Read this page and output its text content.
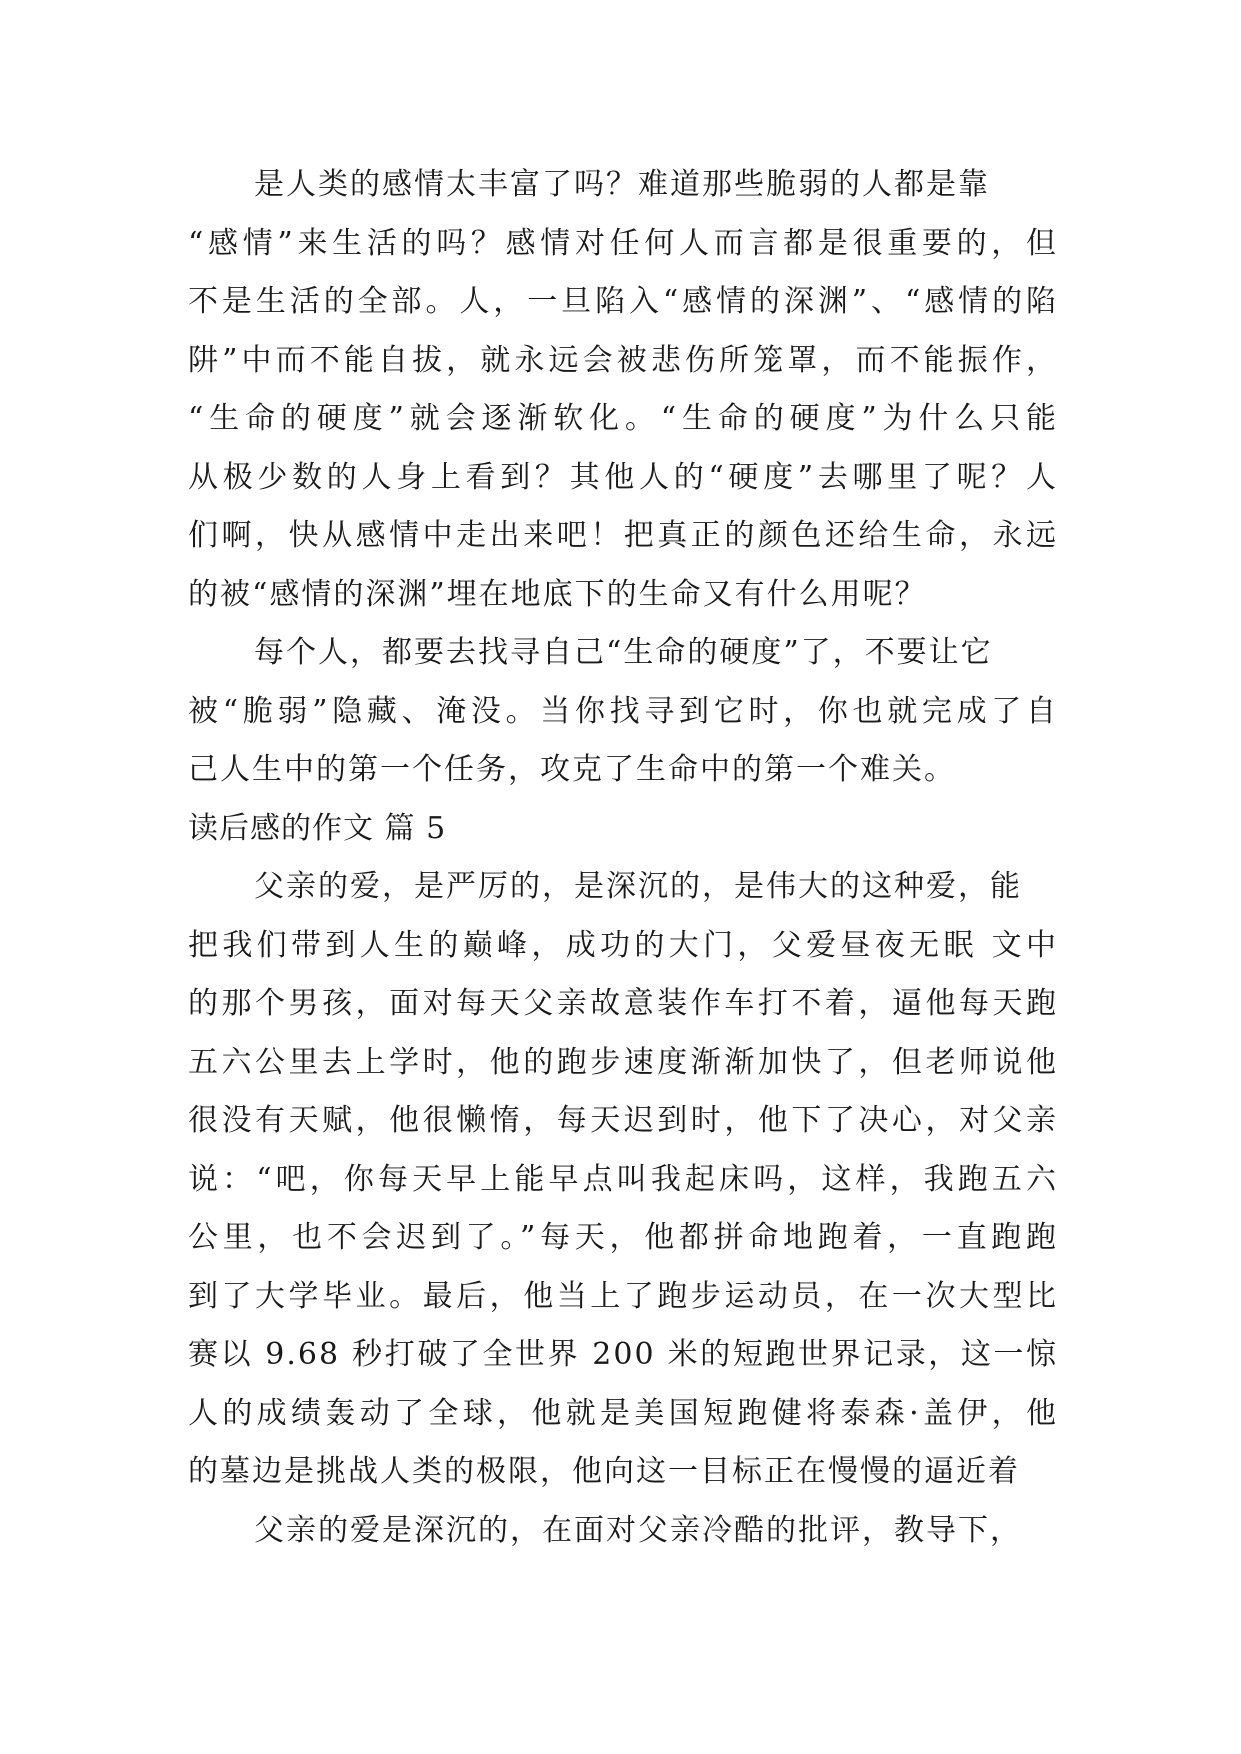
是人类的感情太丰富了吗？难道那些脆弱的人都是靠
“感情”来生活的吗？感情对任何人而言都是很重要的，但
不是生活的全部。人，一旦陷入“感情的深渊”、“感情的陷
阱”中而不能自拔，就永远会被悲伤所笼罩，而不能振作，
“生命的硬度”就会逐渐软化。“生命的硬度”为什么只能
从极少数的人身上看到？其他人的“硬度”去哪里了呢？人
们啊，快从感情中走出来吧！把真正的颜色还给生命，永远
的被“感情的深渊”埋在地底下的生命又有什么用呢？
每个人，都要去找寻自己“生命的硬度”了，不要让它
被“脆弱”隐藏、淹没。当你找寻到它时，你也就完成了自
己人生中的第一个任务，攻克了生命中的第一个难关。
读后感的作文 篇 5
父亲的爱，是严厉的，是深沉的，是伟大的这种爱，能
把我们带到人生的巅峰，成功的大门，父爱昼夜无眠 文中
的那个男孩，面对每天父亲故意装作车打不着，逼他每天跑
五六公里去上学时，他的跑步速度渐渐加快了，但老师说他
很没有天赋，他很懒惰，每天迟到时，他下了决心，对父亲
说：“吧，你每天早上能早点叫我起床吗，这样，我跑五六
公里，也不会迟到了。”每天，他都拼命地跑着，一直跑跑
到了大学毕业。最后，他当上了跑步运动员，在一次大型比
赛以 9.68 秒打破了全世界 200 米的短跑世界记录，这一惊
人的成绩轰动了全球，他就是美国短跑健将泰森·盖伊，他
的墓边是挑战人类的极限，他向这一目标正在慢慢的逼近着
父亲的爱是深沉的，在面对父亲冷酷的批评，教导下，
